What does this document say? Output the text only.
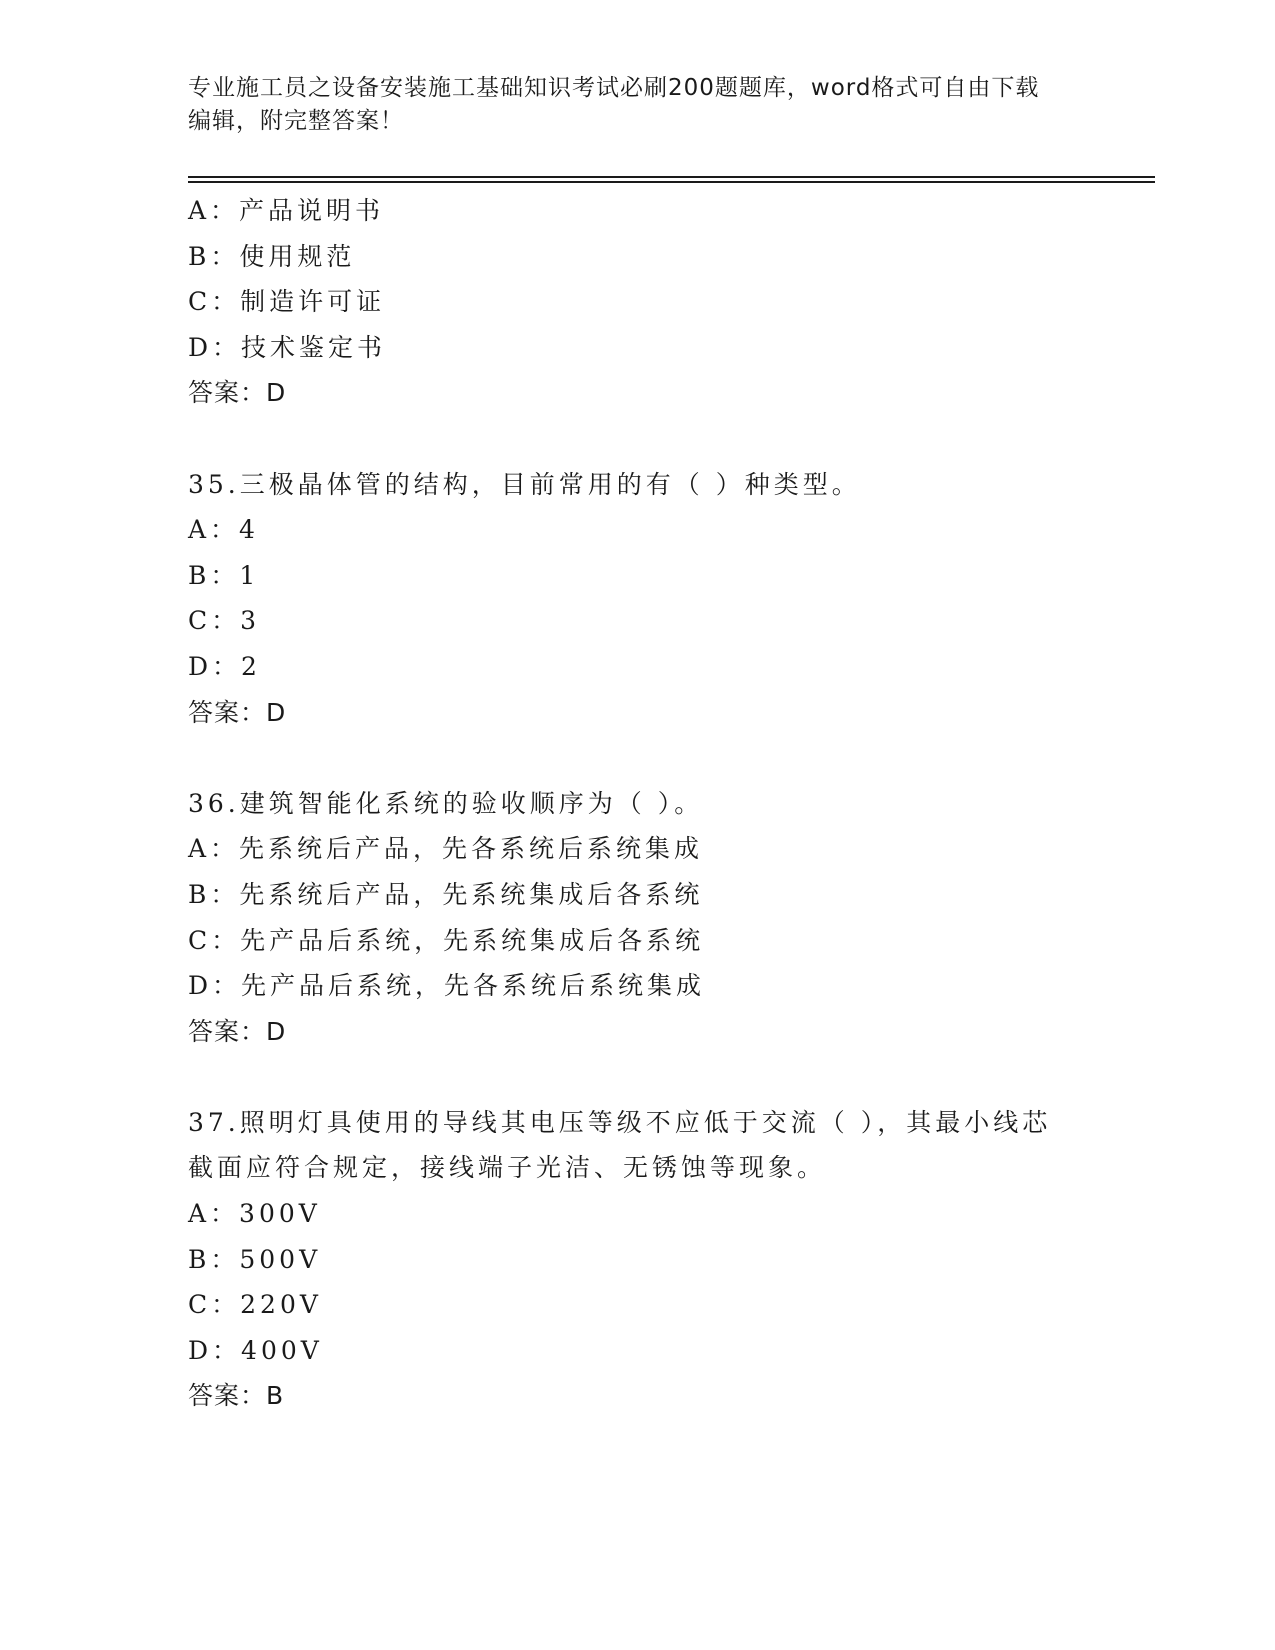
专业施工员之设备安装施工基础知识考试必刷200题题库，word格式可自由下载
编辑，附完整答案！
A：产品说明书
B：使用规范
C：制造许可证
D：技术鉴定书
答案：D
35.三极晶体管的结构，目前常用的有（ ）种类型。
A：4
B：1
C：3
D：2
答案：D
36.建筑智能化系统的验收顺序为（ ）。
A：先系统后产品，先各系统后系统集成
B：先系统后产品，先系统集成后各系统
C：先产品后系统，先系统集成后各系统
D：先产品后系统，先各系统后系统集成
答案：D
37.照明灯具使用的导线其电压等级不应低于交流（ ），其最小线芯
截面应符合规定，接线端子光洁、无锈蚀等现象。
A：300V
B：500V
C：220V
D：400V
答案：B
